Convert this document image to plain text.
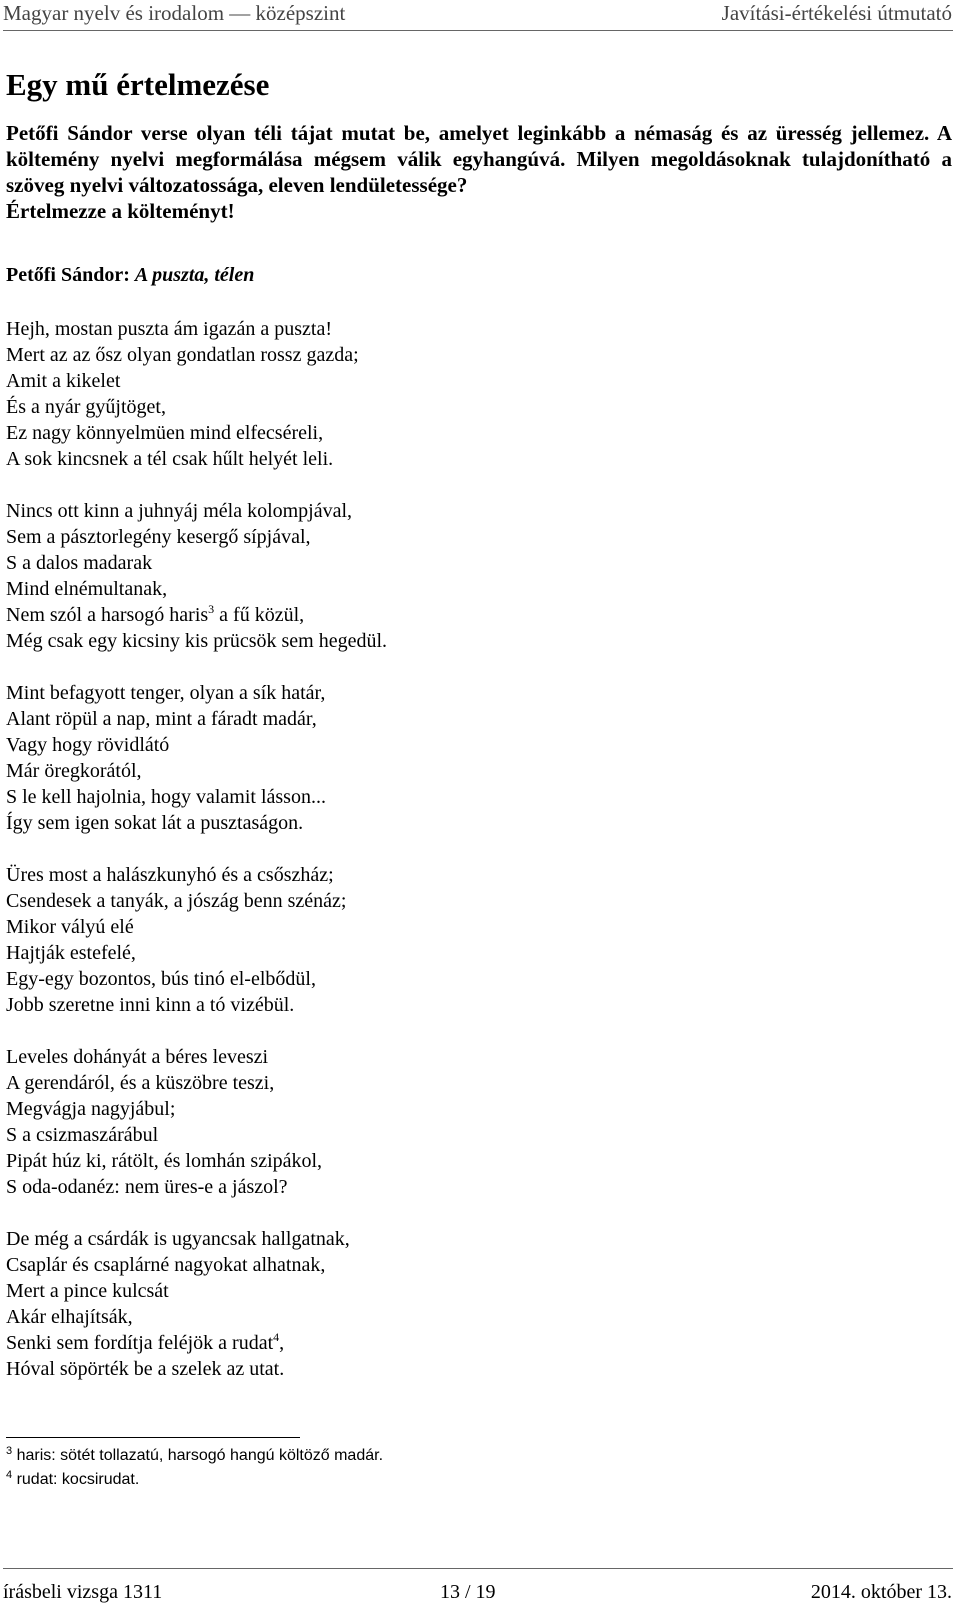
Magyar nyelv és irodalom — középszint	Javítási-értékelési útmutató
Egy mű értelmezése

Petőfi Sándor verse olyan téli tájat mutat be, amelyet leginkább a némaság és az üresség jellemez. A költemény nyelvi megformálása mégsem válik egyhangúvá. Milyen megoldásoknak tulajdonítható a szöveg nyelvi változatossága, eleven lendületessége?
Értelmezze a költeményt!

Petőfi Sándor: A puszta, télen

Hejh, mostan puszta ám igazán a puszta!
Mert az az ősz olyan gondatlan rossz gazda;
Amit a kikelet
És a nyár gyűjtöget,
Ez nagy könnyelmüen mind elfecséreli,
A sok kincsnek a tél csak hűlt helyét leli.
Nincs ott kinn a juhnyáj méla kolompjával,
Sem a pásztorlegény kesergő sípjával,
S a dalos madarak
Mind elnémultanak,
Nem szól a harsogó haris$^3$ a fű közül,
Még csak egy kicsiny kis prücsök sem hegedül.
Mint befagyott tenger, olyan a sík határ,
Alant röpül a nap, mint a fáradt madár,
Vagy hogy rövidlátó
Már öregkorától,
S le kell hajolnia, hogy valamit lásson...
Így sem igen sokat lát a pusztaságon.
Üres most a halászkunyhó és a csőszház;
Csendesek a tanyák, a jószág benn szénáz;
Mikor vályú elé
Hajtják estefelé,
Egy-egy bozontos, bús tinó el-elbődül,
Jobb szeretne inni kinn a tó vizébül.
Leveles dohányát a béres leveszi
A gerendáról, és a küszöbre teszi,
Megvágja nagyjábul;
S a csizmaszárábul
Pipát húz ki, rátölt, és lomhán szipákol,
S oda-odanéz: nem üres-e a jászol?
De még a csárdák is ugyancsak hallgatnak,
Csaplár és csaplárné nagyokat alhatnak,
Mert a pince kulcsát
Akár elhajítsák,
Senki sem fordítja feléjök a rudat$^4$,
Hóval söpörték be a szelek az utat.
$^3$ haris: sötét tollazatú, harsogó hangú költöző madár.
$^4$ rudat: kocsirudat.
írásbeli vizsga 1311	13 / 19	2014. október 13.
